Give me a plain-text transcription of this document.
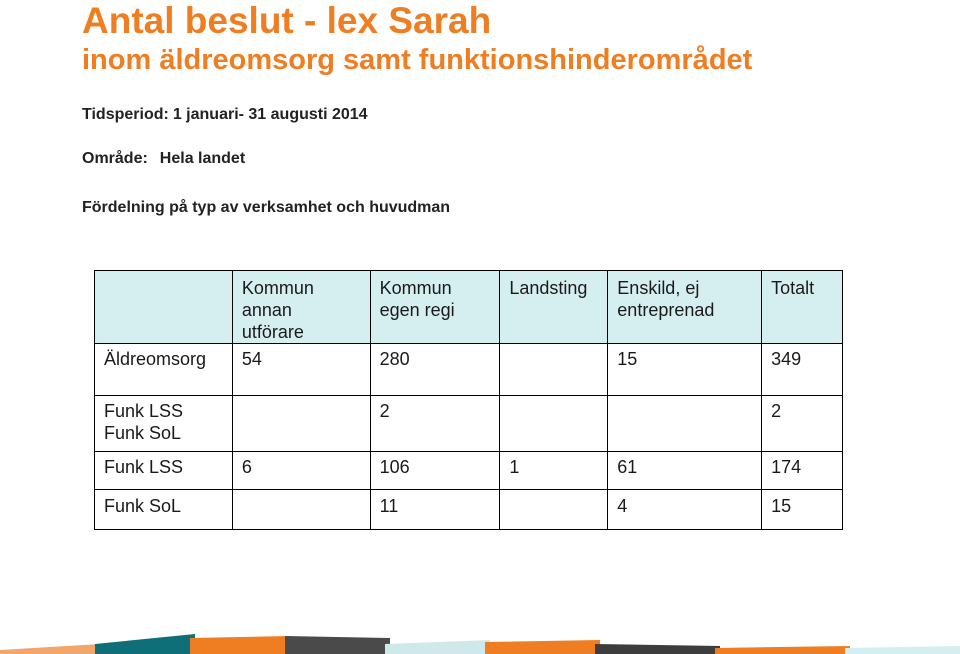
Antal beslut - lex Sarah
inom äldreomsorg samt funktionshinderområdet
Tidsperiod: 1 januari- 31 augusti 2014
Område: Hela landet
Fördelning på typ av verksamhet och huvudman
	Kommun
annan
utförare	Kommun
egen regi	Landsting	Enskild, ej
entreprenad	Totalt
Äldreomsorg	54	280		15	349
Funk LSS
Funk SoL		2			2
Funk LSS	6	106	1	61	174
Funk SoL		11		4	15
